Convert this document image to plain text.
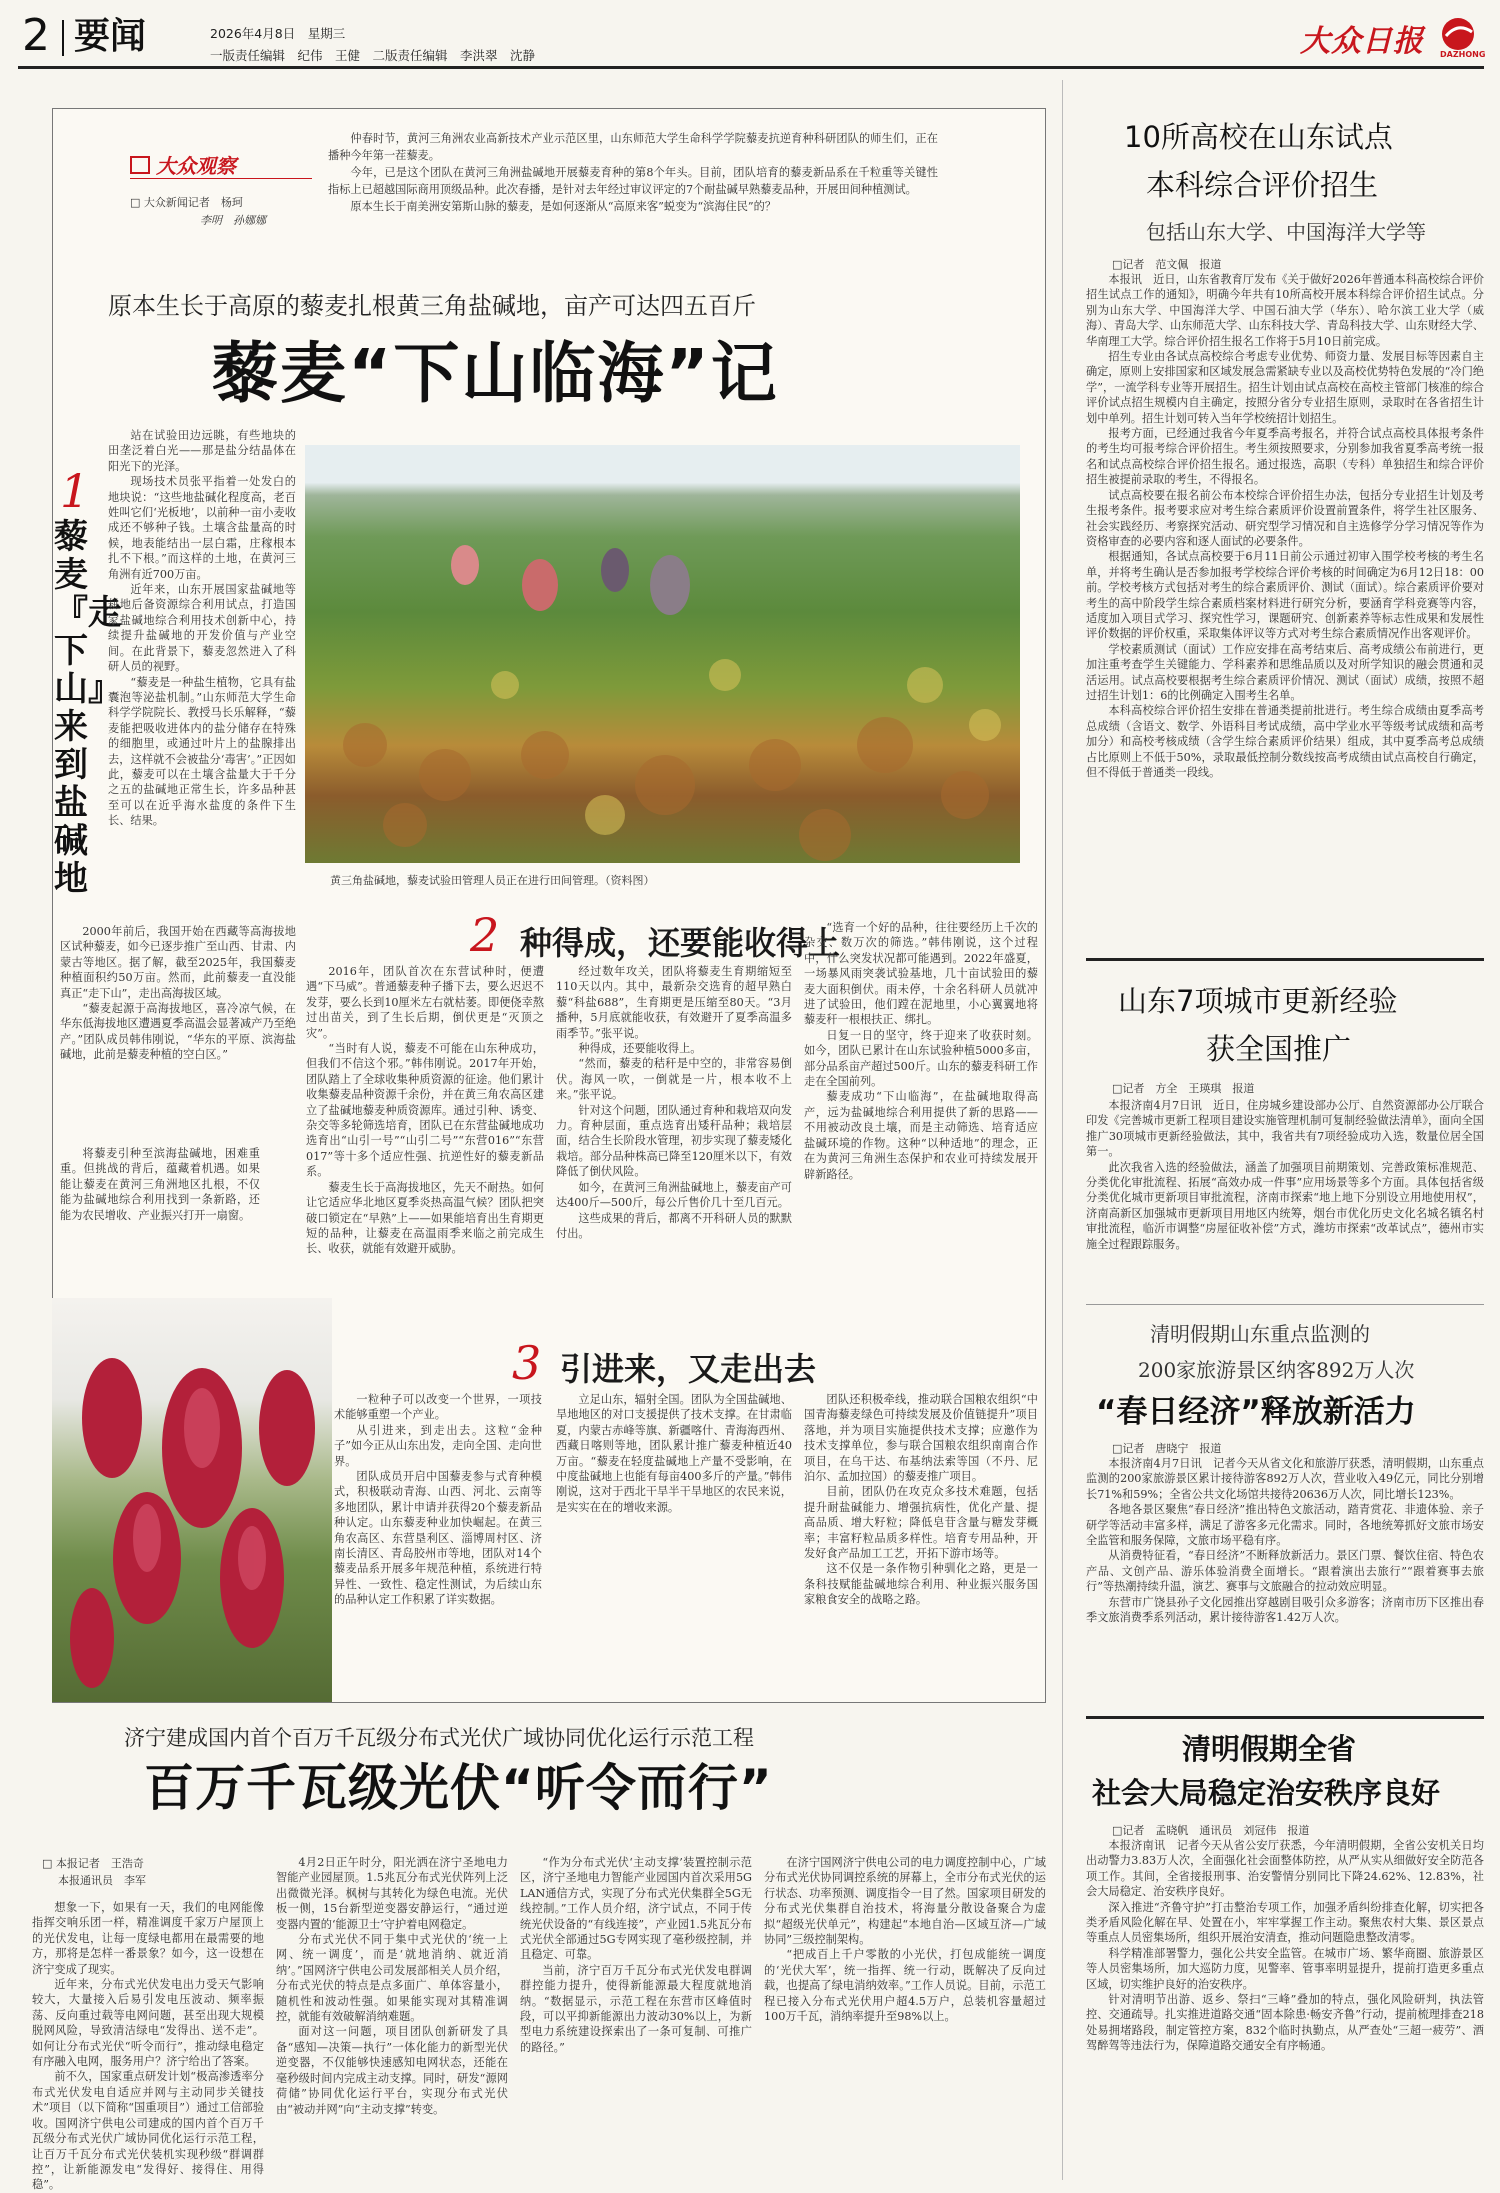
2 要闻	2026年4月8日　星期三
一版责任编辑　纪伟　王健　二版责任编辑　李洪翠　沈静	大众日报 DAZHONG
大众观察
□ 大众新闻记者　杨珂
李明　孙娜娜

仲春时节，黄河三角洲农业高新技术产业示范区里，山东师范大学生命科学学院藜麦抗逆育种科研团队的师生们，正在播种今年第一茬藜麦。

今年，已是这个团队在黄河三角洲盐碱地开展藜麦育种的第8个年头。目前，团队培育的藜麦新品系在千粒重等关键性指标上已超越国际商用顶级品种。此次春播，是针对去年经过审议评定的7个耐盐碱早熟藜麦品种，开展田间种植测试。

原本生长于南美洲安第斯山脉的藜麦，是如何逐渐从“高原来客”蜕变为“滨海住民”的？

原本生长于高原的藜麦扎根黄三角盐碱地，亩产可达四五百斤
藜麦“下山临海”记
黄三角盐碱地，藜麦试验田管理人员正在进行田间管理。（资料图）
1
藜麦『走下山』来到盐碱地

站在试验田边远眺，有些地块的田垄泛着白光——那是盐分结晶体在阳光下的光泽。

现场技术员张平指着一处发白的地块说：“这些地盐碱化程度高，老百姓叫它们‘光板地’，以前种一亩小麦收成还不够种子钱。土壤含盐量高的时候，地表能结出一层白霜，庄稼根本扎不下根。”而这样的土地，在黄河三角洲有近700万亩。

近年来，山东开展国家盐碱地等耕地后备资源综合利用试点，打造国家盐碱地综合利用技术创新中心，持续提升盐碱地的开发价值与产业空间。在此背景下，藜麦忽然进入了科研人员的视野。

“藜麦是一种盐生植物，它具有盐囊泡等泌盐机制。”山东师范大学生命科学学院院长、教授马长乐解释，“藜麦能把吸收进体内的盐分储存在特殊的细胞里，或通过叶片上的盐腺排出去，这样就不会被盐分‘毒害’。”正因如此，藜麦可以在土壤含盐量大于千分之五的盐碱地正常生长，许多品种甚至可以在近乎海水盐度的条件下生长、结果。

2000年前后，我国开始在西藏等高海拔地区试种藜麦，如今已逐步推广至山西、甘肃、内蒙古等地区。据了解，截至2025年，我国藜麦种植面积约50万亩。然而，此前藜麦一直没能真正“走下山”，走出高海拔区域。

“藜麦起源于高海拔地区，喜冷凉气候，在华东低海拔地区遭遇夏季高温会显著减产乃至绝产。”团队成员韩伟刚说，“华东的平原、滨海盐碱地，此前是藜麦种植的空白区。”

将藜麦引种至滨海盐碱地，困难重重。但挑战的背后，蕴藏着机遇。如果能让藜麦在黄河三角洲地区扎根，不仅能为盐碱地综合利用找到一条新路，还能为农民增收、产业振兴打开一扇窗。

2 种得成，还要能收得上

2016年，团队首次在东营试种时，便遭遇“下马威”。普通藜麦种子播下去，要么迟迟不发芽，要么长到10厘米左右就枯萎。即便侥幸熬过出苗关，到了生长后期，倒伏更是“灭顶之灾”。

“当时有人说，藜麦不可能在山东种成功，但我们不信这个邪。”韩伟刚说。2017年开始，团队踏上了全球收集种质资源的征途。他们累计收集藜麦品种资源千余份，并在黄三角农高区建立了盐碱地藜麦种质资源库。通过引种、诱变、杂交等多轮筛选培育，团队已在东营盐碱地成功选育出“山引一号”“山引二号”“东营016”“东营017”等十多个适应性强、抗逆性好的藜麦新品系。

藜麦生长于高海拔地区，先天不耐热。如何让它适应华北地区夏季炎热高温气候？团队把突破口锁定在“早熟”上——如果能培育出生育期更短的品种，让藜麦在高温雨季来临之前完成生长、收获，就能有效避开威胁。

经过数年攻关，团队将藜麦生育期缩短至110天以内。其中，最新杂交选育的超早熟白藜“科盐688”，生育期更是压缩至80天。“3月播种，5月底就能收获，有效避开了夏季高温多雨季节。”张平说。

种得成，还要能收得上。

“然而，藜麦的秸秆是中空的，非常容易倒伏。海风一吹，一倒就是一片，根本收不上来。”张平说。

针对这个问题，团队通过育种和栽培双向发力。育种层面，重点选育出矮秆品种；栽培层面，结合生长阶段水管理，初步实现了藜麦矮化栽培。部分品种株高已降至120厘米以下，有效降低了倒伏风险。

如今，在黄河三角洲盐碱地上，藜麦亩产可达400斤—500斤，每公斤售价几十至几百元。

这些成果的背后，都离不开科研人员的默默付出。

“选育一个好的品种，往往要经历上千次的杂交、数万次的筛选。”韩伟刚说，这个过程中，什么突发状况都可能遇到。2022年盛夏，一场暴风雨突袭试验基地，几十亩试验田的藜麦大面积倒伏。雨未停，十余名科研人员就冲进了试验田，他们蹚在泥地里，小心翼翼地将藜麦秆一根根扶正、绑扎。

日复一日的坚守，终于迎来了收获时刻。如今，团队已累计在山东试验种植5000多亩，部分品系亩产超过500斤。山东的藜麦科研工作走在全国前列。

藜麦成功“下山临海”，在盐碱地取得高产，远为盐碱地综合利用提供了新的思路——不用被动改良土壤，而是主动筛选、培育适应盐碱环境的作物。这种“以种适地”的理念，正在为黄河三角洲生态保护和农业可持续发展开辟新路径。

3 引进来，又走出去

一粒种子可以改变一个世界，一项技术能够重塑一个产业。

从引进来，到走出去。这粒“金种子”如今正从山东出发，走向全国、走向世界。

团队成员开启中国藜麦参与式育种模式，积极联动青海、山西、河北、云南等多地团队，累计申请并获得20个藜麦新品种认定。山东藜麦种业加快崛起。在黄三角农高区、东营垦利区、淄博周村区、济南长清区、青岛胶州市等地，团队对14个藜麦品系开展多年规范种植，系统进行特异性、一致性、稳定性测试，为后续山东的品种认定工作积累了详实数据。

立足山东，辐射全国。团队为全国盐碱地、旱地地区的对口支援提供了技术支撑。在甘肃临夏，内蒙古赤峰等旗、新疆喀什、青海海西州、西藏日喀则等地，团队累计推广藜麦种植近40万亩。“藜麦在轻度盐碱地上产量不受影响，在中度盐碱地上也能有每亩400多斤的产量。”韩伟刚说，这对于西北干旱半干旱地区的农民来说，是实实在在的增收来源。

团队还积极牵线，推动联合国粮农组织“中国青海藜麦绿色可持续发展及价值链提升”项目落地，并为项目实施提供技术支撑；应邀作为技术支撑单位，参与联合国粮农组织南南合作项目，在乌干达、布基纳法索等国（不丹、尼泊尔、孟加拉国）的藜麦推广项目。

目前，团队仍在攻克众多技术难题，包括提升耐盐碱能力、增强抗病性，优化产量、提高品质、增大籽粒；降低皂苷含量与糖发芽概率；丰富籽粒品质多样性。培育专用品种，开发好食产品加工工艺，开拓下游市场等。

这不仅是一条作物引种驯化之路，更是一条科技赋能盐碱地综合利用、种业振兴服务国家粮食安全的战略之路。

济宁建成国内首个百万千瓦级分布式光伏广域协同优化运行示范工程
百万千瓦级光伏“听令而行”
□ 本报记者　王浩奇
本报通讯员　李军

想象一下，如果有一天，我们的电网能像指挥交响乐团一样，精准调度千家万户屋顶上的光伏发电，让每一度绿电都用在最需要的地方，那将是怎样一番景象？如今，这一设想在济宁变成了现实。

近年来，分布式光伏发电出力受天气影响较大，大量接入后易引发电压波动、频率振荡、反向重过载等电网问题，甚至出现大规模脱网风险，导致清洁绿电“发得出、送不走”。如何让分布式光伏“听令而行”，推动绿电稳定有序融入电网，服务用户？济宁给出了答案。

前不久，国家重点研发计划“极高渗透率分布式光伏发电自适应并网与主动同步关键技术”项目（以下简称“国重项目”）通过工信部验收。国网济宁供电公司建成的国内首个百万千瓦级分布式光伏广域协同优化运行示范工程，让百万千瓦分布式光伏装机实现秒级“群调群控”，让新能源发电“发得好、接得住、用得稳”。

4月2日正午时分，阳光洒在济宁圣地电力智能产业园屋顶。1.5兆瓦分布式光伏阵列上泛出微微光泽。枫树与其转化为绿色电流。光伏板一侧，15台新型逆变器安静运行，“通过逆变器内置的‘能源卫士’守护着电网稳定。

分布式光伏不同于集中式光伏的‘统一上网、统一调度’，而是‘就地消纳、就近消纳’。”国网济宁供电公司发展部相关人员介绍，分布式光伏的特点是点多面广、单体容量小，随机性和波动性强。如果能实现对其精准调控，就能有效破解消纳难题。

面对这一问题，项目团队创新研发了具备“感知—决策—执行”一体化能力的新型光伏逆变器，不仅能够快速感知电网状态，还能在毫秒级时间内完成主动支撑。同时，研发“源网荷储”协同优化运行平台，实现分布式光伏由“被动并网”向“主动支撑”转变。

“作为分布式光伏‘主动支撑’装置控制示范区，济宁圣地电力智能产业园国内首次采用5G LAN通信方式，实现了分布式光伏集群全5G无线控制。”工作人员介绍，济宁试点，不同于传统光伏设备的“有线连接”，产业园1.5兆瓦分布式光伏全部通过5G专网实现了毫秒级控制，并且稳定、可靠。

当前，济宁百万千瓦分布式光伏发电群调群控能力提升，使得新能源最大程度就地消纳。“数据显示，示范工程在东营市区峰值时段，可以平抑新能源出力波动30%以上，为新型电力系统建设探索出了一条可复制、可推广的路径。”

在济宁国网济宁供电公司的电力调度控制中心，广域分布式光伏协同调控系统的屏幕上，全市分布式光伏的运行状态、功率预测、调度指令一目了然。国家项目研发的分布式光伏集群自治技术，将海量分散设备聚合为虚拟“超级光伏单元”，构建起“本地自治—区域互济—广域协同”三级控制架构。

“把成百上千户零散的小光伏，打包成能统一调度的‘光伏大军’，统一指挥、统一行动，既解决了反向过载，也提高了绿电消纳效率。”工作人员说。目前，示范工程已接入分布式光伏用户超4.5万户，总装机容量超过100万千瓦，消纳率提升至98%以上。

10所高校在山东试点
本科综合评价招生
包括山东大学、中国海洋大学等
□记者　范文佩　报道

本报讯　近日，山东省教育厅发布《关于做好2026年普通本科高校综合评价招生试点工作的通知》，明确今年共有10所高校开展本科综合评价招生试点。分别为山东大学、中国海洋大学、中国石油大学（华东）、哈尔滨工业大学（威海）、青岛大学、山东师范大学、山东科技大学、青岛科技大学、山东财经大学、华南理工大学。综合评价招生报名工作将于5月10日前完成。

招生专业由各试点高校综合考虑专业优势、师资力量、发展目标等因素自主确定，原则上安排国家和区域发展急需紧缺专业以及高校优势特色发展的“冷门绝学”，一流学科专业等开展招生。招生计划由试点高校在高校主管部门核准的综合评价试点招生规模内自主确定，按照分省分专业招生原则，录取时在各省招生计划中单列。招生计划可转入当年学校统招计划招生。

报考方面，已经通过我省今年夏季高考报名，并符合试点高校具体报考条件的考生均可报考综合评价招生。考生须按照要求，分别参加我省夏季高考统一报名和试点高校综合评价招生报名。通过报选，高职（专科）单独招生和综合评价招生被提前录取的考生，不得报名。

试点高校要在报名前公布本校综合评价招生办法，包括分专业招生计划及考生报考条件。报考要求应对考生综合素质评价设置前置条件，将学生社区服务、社会实践经历、考察探究活动、研究型学习情况和自主选修学分学习情况等作为资格审查的必要内容和逐人面试的必要条件。

根据通知，各试点高校要于6月11日前公示通过初审入围学校考核的考生名单，并将考生确认是否参加报考学校综合评价考核的时间确定为6月12日18：00前。学校考核方式包括对考生的综合素质评价、测试（面试）。综合素质评价要对考生的高中阶段学生综合素质档案材料进行研究分析，要涵育学科竞赛等内容，适度加入项目式学习、探究性学习，课题研究、创新素养等标志性成果和发展性评价数据的评价权重，采取集体评议等方式对考生综合素质情况作出客观评价。

学校素质测试（面试）工作应安排在高考结束后、高考成绩公布前进行，更加注重考查学生关键能力、学科素养和思维品质以及对所学知识的融会贯通和灵活运用。试点高校要根据考生综合素质评价情况、测试（面试）成绩，按照不超过招生计划1：6的比例确定入围考生名单。

本科高校综合评价招生安排在普通类提前批进行。考生综合成绩由夏季高考总成绩（含语文、数学、外语科目考试成绩，高中学业水平等级考试成绩和高考加分）和高校考核成绩（含学生综合素质评价结果）组成，其中夏季高考总成绩占比原则上不低于50%，录取最低控制分数线按高考成绩由试点高校自行确定，但不得低于普通类一段线。

山东7项城市更新经验
获全国推广
□记者　方全　王瑛琪　报道

本报济南4月7日讯　近日，住房城乡建设部办公厅、自然资源部办公厅联合印发《完善城市更新工程项目建设实施管理机制可复制经验做法清单》，面向全国推广30项城市更新经验做法，其中，我省共有7项经验成功入选，数量位居全国第一。

此次我省入选的经验做法，涵盖了加强项目前期策划、完善政策标准规范、分类优化审批流程、拓展“高效办成一件事”应用场景等多个方面。具体包括省级分类优化城市更新项目审批流程，济南市探索“地上地下分别设立用地使用权”，济南高新区加强城市更新项目用地区内统筹，烟台市优化历史文化名城名镇名村审批流程，临沂市调整“房屋征收补偿”方式，潍坊市探索“改革试点”，德州市实施全过程跟踪服务。

清明假期山东重点监测的
200家旅游景区纳客892万人次
“春日经济”释放新活力
□记者　唐晓宁　报道

本报济南4月7日讯　记者今天从省文化和旅游厅获悉，清明假期，山东重点监测的200家旅游景区累计接待游客892万人次，营业收入49亿元，同比分别增长71%和59%；全省公共文化场馆共接待20636万人次，同比增长123%。

各地各景区聚焦“春日经济”推出特色文旅活动，踏青赏花、非遗体验、亲子研学等活动丰富多样，满足了游客多元化需求。同时，各地统筹抓好文旅市场安全监管和服务保障，文旅市场平稳有序。

从消费特征看，“春日经济”不断释放新活力。景区门票、餐饮住宿、特色农产品、文创产品、游乐体验消费全面增长。“跟着演出去旅行”“跟着赛事去旅行”等热潮持续升温，演艺、赛事与文旅融合的拉动效应明显。

东营市广饶县孙子文化园推出穿越剧目吸引众多游客；济南市历下区推出春季文旅消费季系列活动，累计接待游客1.42万人次。

清明假期全省
社会大局稳定治安秩序良好
□记者　孟晓帆　通讯员　刘冠伟　报道

本报济南讯　记者今天从省公安厅获悉，今年清明假期，全省公安机关日均出动警力3.83万人次，全面强化社会面整体防控，从严从实从细做好安全防范各项工作。其间，全省接报刑事、治安警情分别同比下降24.62%、12.83%，社会大局稳定、治安秩序良好。

深入推进“齐鲁守护”打击整治专项工作，加强矛盾纠纷排查化解，切实把各类矛盾风险化解在早、处置在小，牢牢掌握工作主动。聚焦农村大集、景区景点等重点人员密集场所，组织开展治安清查，推动问题隐患整改清零。

科学精准部署警力，强化公共安全监管。在城市广场、繁华商圈、旅游景区等人员密集场所，加大巡防力度，见警率、管事率明显提升，提前打造更多重点区域，切实维护良好的治安秩序。

针对清明节出游、返乡、祭扫“三峰”叠加的特点，强化风险研判，执法管控、交通疏导。扎实推进道路交通“固本除患·畅安齐鲁”行动，提前梳理排查218处易拥堵路段，制定管控方案，832个临时执勤点，从严查处“三超一疲劳”、酒驾醉驾等违法行为，保障道路交通安全有序畅通。
